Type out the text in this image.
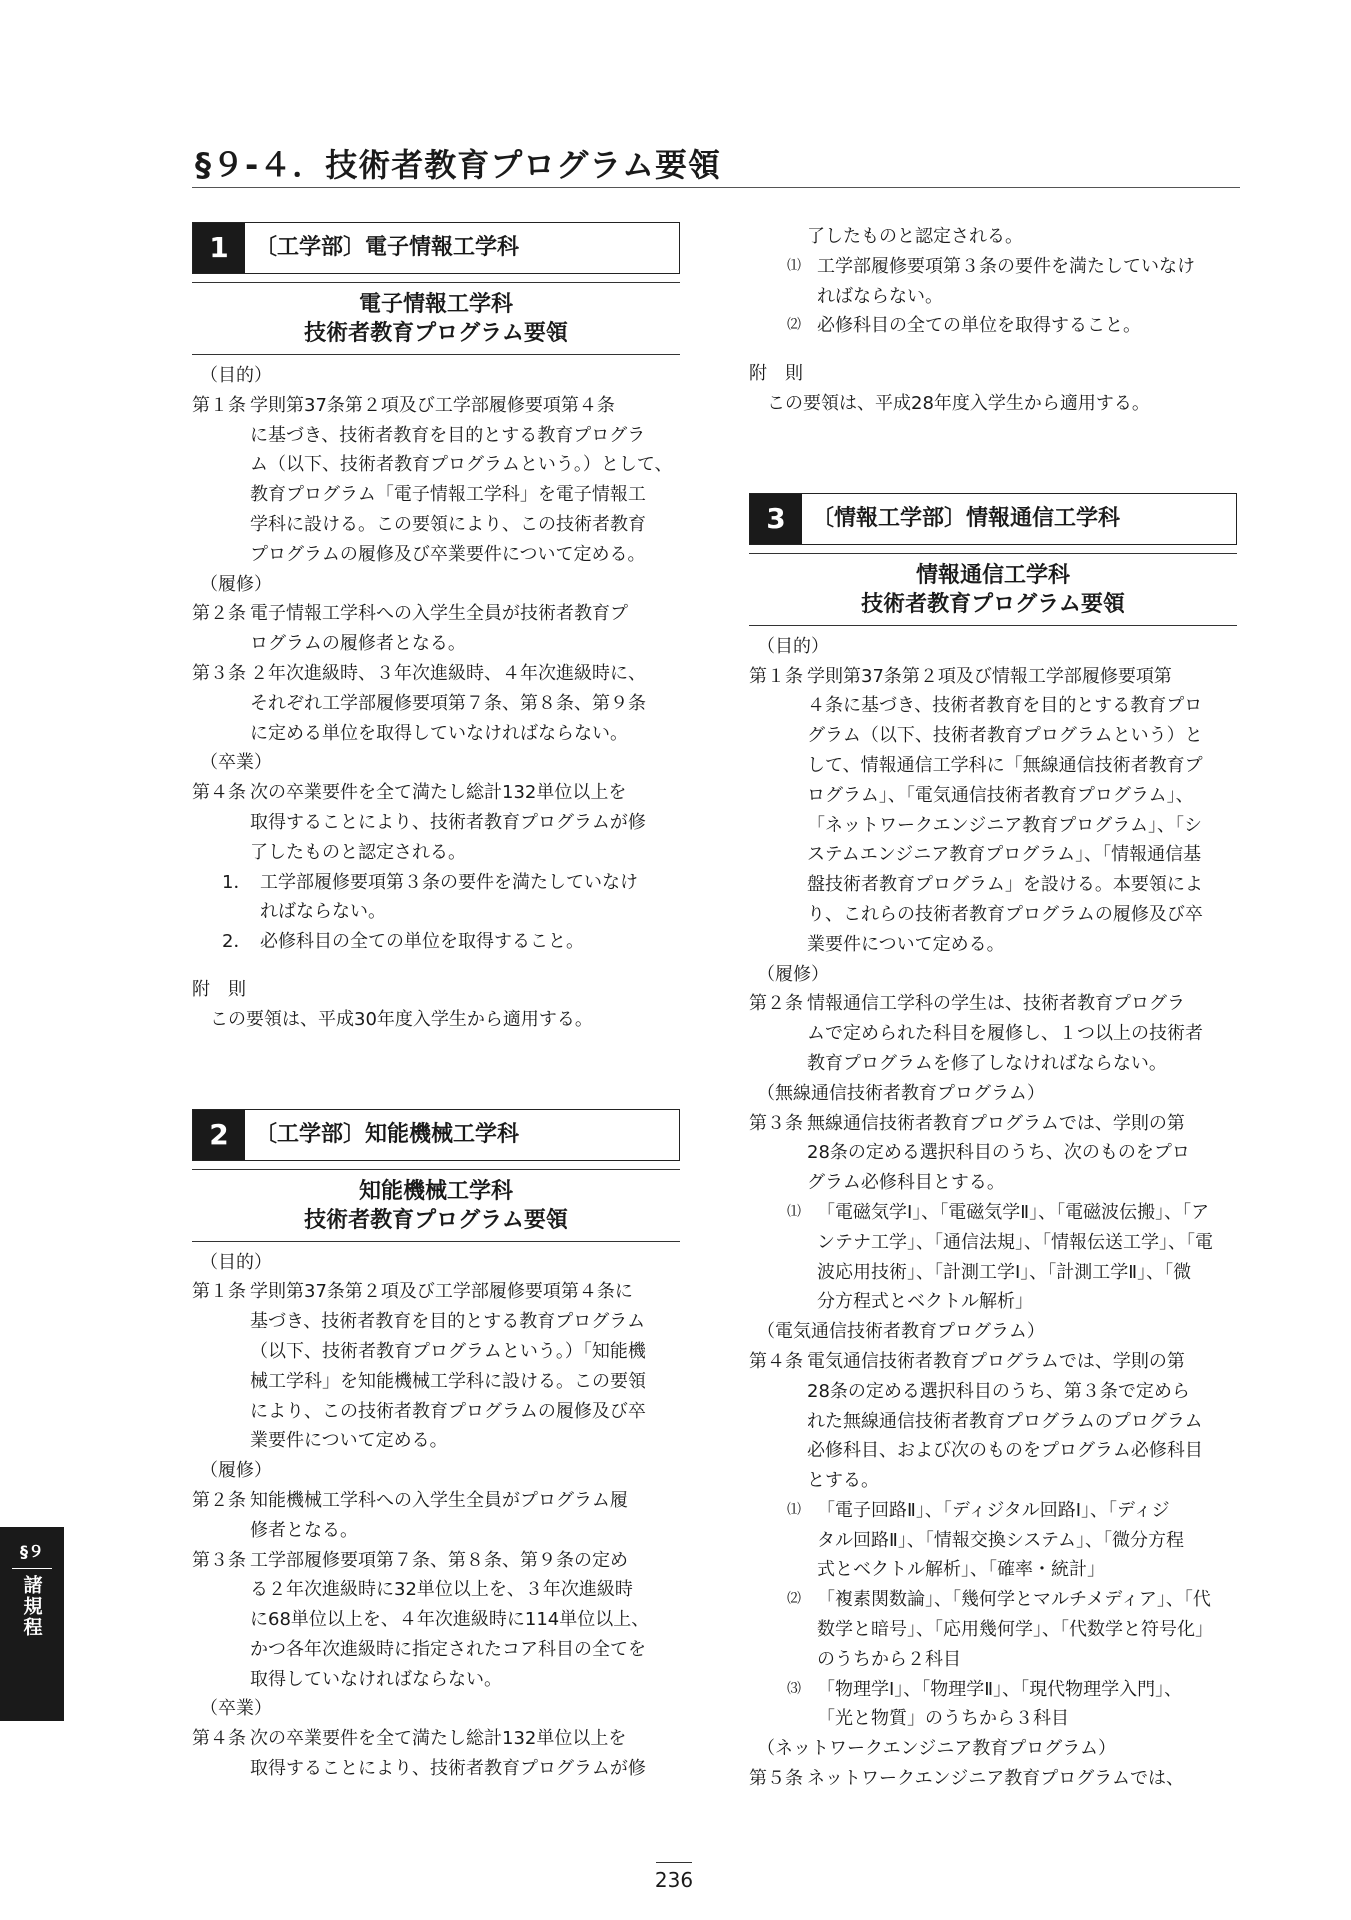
§９-４．技術者教育プログラム要領
1	〔工学部〕電子情報工学科
電子情報工学科
技術者教育プログラム要領
（目的）
第１条 学則第37条第２項及び工学部履修要項第４条
に基づき、技術者教育を目的とする教育プログラ
ム（以下、技術者教育プログラムという。）として、
教育プログラム「電子情報工学科」を電子情報工
学科に設ける。この要領により、この技術者教育
プログラムの履修及び卒業要件について定める。
（履修）
第２条 電子情報工学科への入学生全員が技術者教育プ
ログラムの履修者となる。
第３条 ２年次進級時、３年次進級時、４年次進級時に、
それぞれ工学部履修要項第７条、第８条、第９条
に定める単位を取得していなければならない。
（卒業）
第４条 次の卒業要件を全て満たし総計132単位以上を
取得することにより、技術者教育プログラムが修
了したものと認定される。
1． 工学部履修要項第３条の要件を満たしていなけ
ればならない。
2． 必修科目の全ての単位を取得すること。
附　則
この要領は、平成30年度入学生から適用する。
2	〔工学部〕知能機械工学科
知能機械工学科
技術者教育プログラム要領
（目的）
第１条 学則第37条第２項及び工学部履修要項第４条に
基づき、技術者教育を目的とする教育プログラム
（以下、技術者教育プログラムという。）「知能機
械工学科」を知能機械工学科に設ける。この要領
により、この技術者教育プログラムの履修及び卒
業要件について定める。
（履修）
第２条 知能機械工学科への入学生全員がプログラム履
修者となる。
第３条 工学部履修要項第７条、第８条、第９条の定め
る２年次進級時に32単位以上を、３年次進級時
に68単位以上を、４年次進級時に114単位以上、
かつ各年次進級時に指定されたコア科目の全てを
取得していなければならない。
（卒業）
第４条 次の卒業要件を全て満たし総計132単位以上を
取得することにより、技術者教育プログラムが修
了したものと認定される。
⑴ 工学部履修要項第３条の要件を満たしていなけ
ればならない。
⑵ 必修科目の全ての単位を取得すること。
附　則
この要領は、平成28年度入学生から適用する。
3	〔情報工学部〕情報通信工学科
情報通信工学科
技術者教育プログラム要領
（目的）
第１条 学則第37条第２項及び情報工学部履修要項第
４条に基づき、技術者教育を目的とする教育プロ
グラム（以下、技術者教育プログラムという）と
して、情報通信工学科に「無線通信技術者教育プ
ログラム」、「電気通信技術者教育プログラム」、
「ネットワークエンジニア教育プログラム」、「シ
ステムエンジニア教育プログラム」、「情報通信基
盤技術者教育プログラム」を設ける。本要領によ
り、これらの技術者教育プログラムの履修及び卒
業要件について定める。
（履修）
第２条 情報通信工学科の学生は、技術者教育プログラ
ムで定められた科目を履修し、１つ以上の技術者
教育プログラムを修了しなければならない。
（無線通信技術者教育プログラム）
第３条 無線通信技術者教育プログラムでは、学則の第
28条の定める選択科目のうち、次のものをプロ
グラム必修科目とする。
⑴ 「電磁気学Ⅰ」、「電磁気学Ⅱ」、「電磁波伝搬」、「ア
ンテナ工学」、「通信法規」、「情報伝送工学」、「電
波応用技術」、「計測工学Ⅰ」、「計測工学Ⅱ」、「微
分方程式とベクトル解析」
（電気通信技術者教育プログラム）
第４条 電気通信技術者教育プログラムでは、学則の第
28条の定める選択科目のうち、第３条で定めら
れた無線通信技術者教育プログラムのプログラム
必修科目、および次のものをプログラム必修科目
とする。
⑴ 「電子回路Ⅱ」、「ディジタル回路Ⅰ」、「ディジ
タル回路Ⅱ」、「情報交換システム」、「微分方程
式とベクトル解析」、「確率・統計」
⑵ 「複素関数論」、「幾何学とマルチメディア」、「代
数学と暗号」、「応用幾何学」、「代数学と符号化」
のうちから２科目
⑶ 「物理学Ⅰ」、「物理学Ⅱ」、「現代物理学入門」、
「光と物質」のうちから３科目
（ネットワークエンジニア教育プログラム）
第５条 ネットワークエンジニア教育プログラムでは、
§９
諸規程
236
